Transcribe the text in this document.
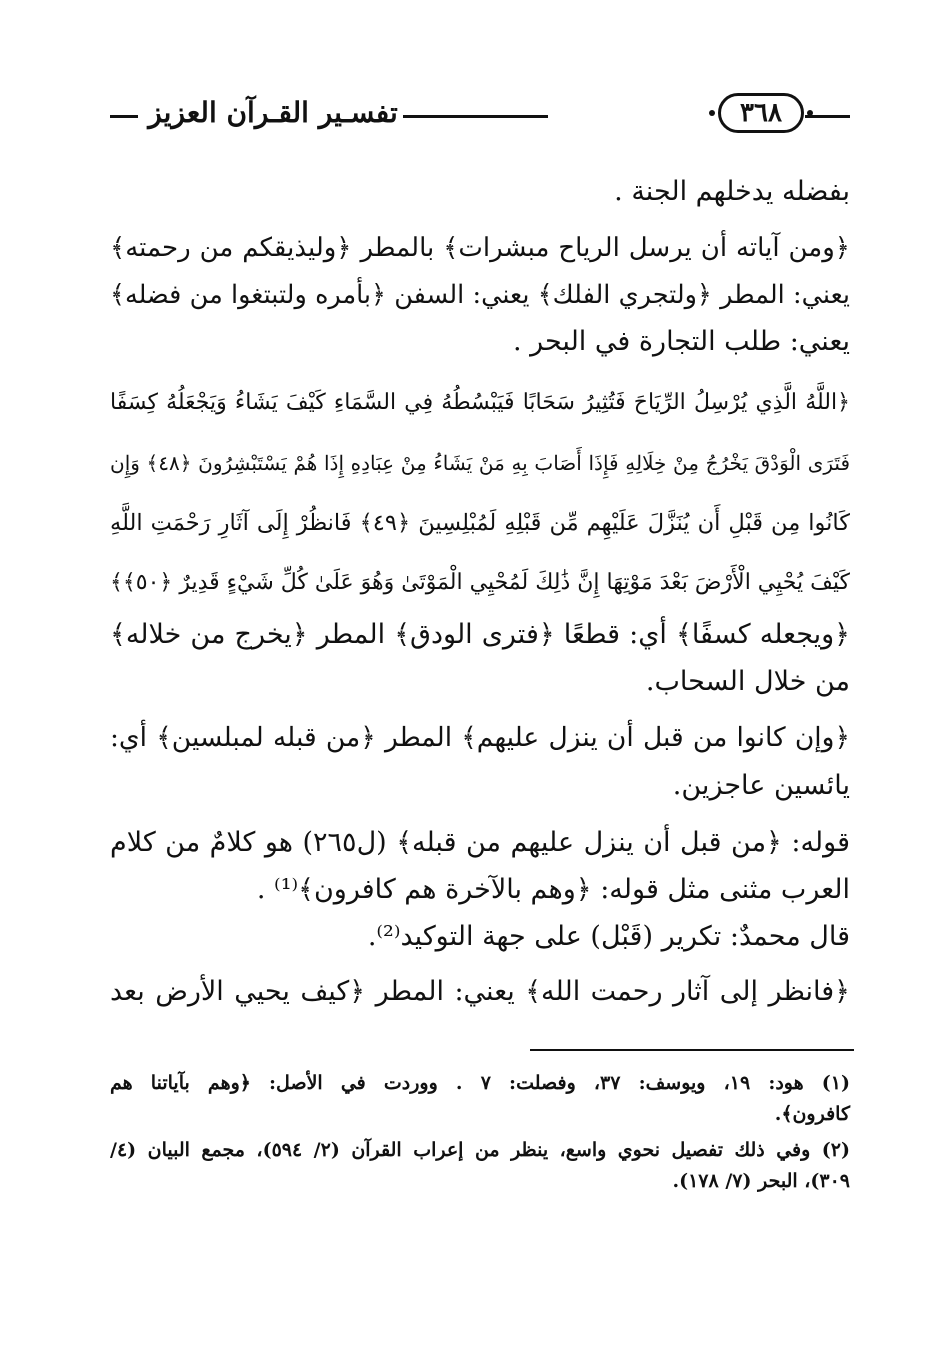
تفسـير القـرآن العزيز	٣٦٨
بفضله يدخلهم الجنة .
﴿ومن آياته أن يرسل الرياح مبشرات﴾ بالمطر ﴿وليذيقكم من رحمته﴾
يعني: المطر ﴿ولتجري الفلك﴾ يعني: السفن ﴿بأمره ولتبتغوا من فضله﴾
يعني: طلب التجارة في البحر .
﴿اللَّهُ الَّذِي يُرْسِلُ الرِّيَاحَ فَتُثِيرُ سَحَابًا فَيَبْسُطُهُ فِي السَّمَاءِ كَيْفَ يَشَاءُ وَيَجْعَلُهُ كِسَفًا
فَتَرَى الْوَدْقَ يَخْرُجُ مِنْ خِلَالِهِ فَإِذَا أَصَابَ بِهِ مَنْ يَشَاءُ مِنْ عِبَادِهِ إِذَا هُمْ يَسْتَبْشِرُونَ ﴿٤٨﴾ وَإِن
كَانُوا مِن قَبْلِ أَن يُنَزَّلَ عَلَيْهِم مِّن قَبْلِهِ لَمُبْلِسِينَ ﴿٤٩﴾ فَانظُرْ إِلَى آثَارِ رَحْمَتِ اللَّهِ
كَيْفَ يُحْيِي الْأَرْضَ بَعْدَ مَوْتِهَا إِنَّ ذَٰلِكَ لَمُحْيِي الْمَوْتَىٰ وَهُوَ عَلَىٰ كُلِّ شَيْءٍ قَدِيرٌ ﴿٥٠﴾﴾
﴿ويجعله كسفًا﴾ أي: قطعًا ﴿فترى الودق﴾ المطر ﴿يخرج من خلاله﴾
من خلال السحاب.
﴿وإن كانوا من قبل أن ينزل عليهم﴾ المطر ﴿من قبله لمبلسين﴾ أي:
يائسين عاجزين.
قوله: ﴿من قبل أن ينزل عليهم من قبله﴾ (ل٢٦٥) هو كلامٌ من كلام
العرب مثنى مثل قوله: ﴿وهم بالآخرة هم كافرون﴾⁽¹⁾ .
قال محمدٌ: تكرير (قَبْل) على جهة التوكيد⁽²⁾.
﴿فانظر إلى آثار رحمت الله﴾ يعني: المطر ﴿كيف يحيي الأرض بعد
(١) هود: ١٩، ويوسف: ٣٧، وفصلت: ٧ . ووردت في الأصل: ﴿وهم بآياتنا هم
كافرون﴾.
(٢) وفي ذلك تفصيل نحوي واسع، ينظر من إعراب القرآن (٢/ ٥٩٤)، مجمع البيان (٤/
٣٠٩)، البحر (٧/ ١٧٨).
